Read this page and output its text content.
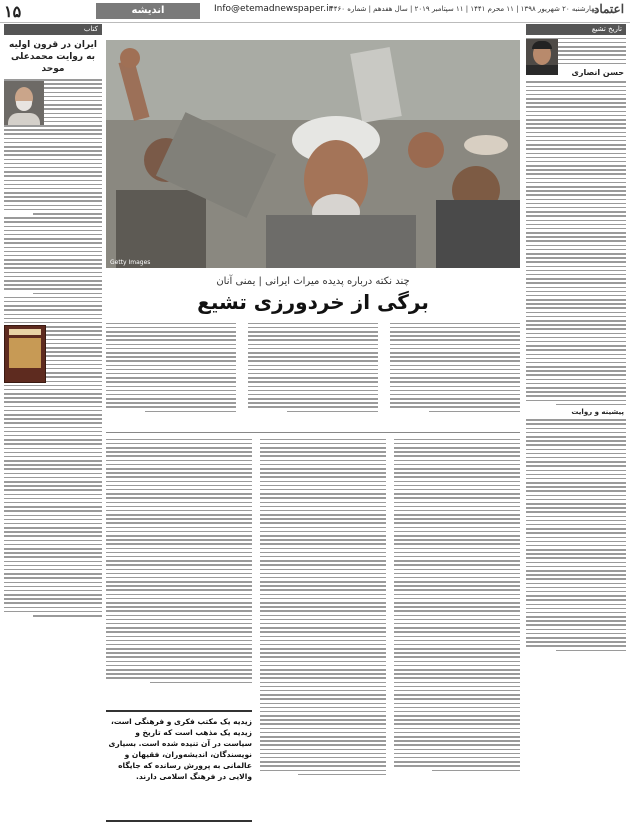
۱۵	اندیشه	Info@etemadnewspaper.ir
چهارشنبه ۲۰ شهریور ۱۳۹۸ | ۱۱ محرم ۱۴۴۱ | ۱۱ سپتامبر ۲۰۱۹ | سال هفدهم | شماره ۴۴۶۰
اعتماد
کتاب
ایران در قرون اولیه به روایت محمدعلی موحد
Getty Images
چند نکته درباره پدیده میراث ایرانی | یمنی آنان
برگی از خردورزی تشیع
زیدیه یک مکتب فکری و فرهنگی است، زیدیه یک مذهب است که تاریخ و سیاست در آن تنیده شده است. بسیاری نویسندگان، اندیشه‌وران، فقیهان و عالمانی به پرورش رسانده که جایگاه والایی در فرهنگ اسلامی دارند.
تاریخ تشیع
حسن انصاری
پیشینه و روایت
